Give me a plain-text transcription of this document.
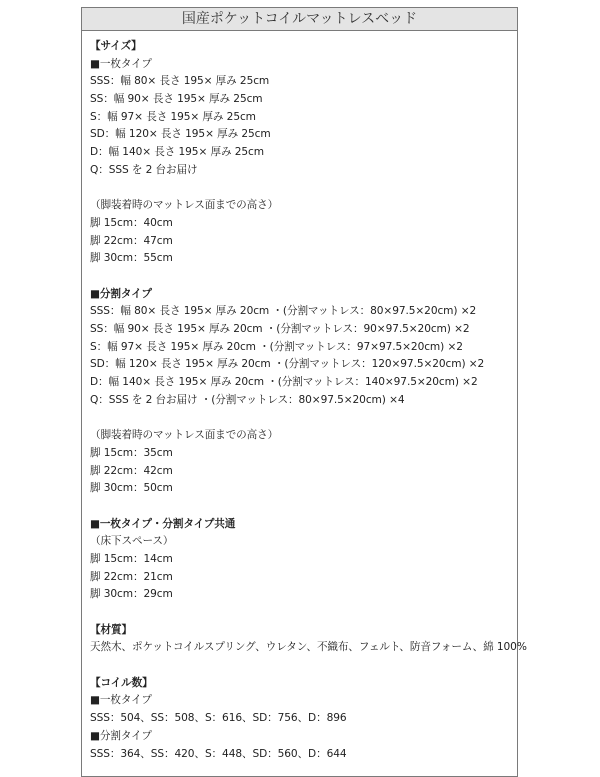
国産ポケットコイルマットレスベッド
【サイズ】
■一枚タイプ
SSS：幅 80× 長さ 195× 厚み 25cm
SS：幅 90× 長さ 195× 厚み 25cm
S：幅 97× 長さ 195× 厚み 25cm
SD：幅 120× 長さ 195× 厚み 25cm
D：幅 140× 長さ 195× 厚み 25cm
Q：SSS を 2 台お届け
（脚装着時のマットレス面までの高さ）
脚 15cm：40cm
脚 22cm：47cm
脚 30cm：55cm
■分割タイプ
SSS：幅 80× 長さ 195× 厚み 20cm ・(分割マットレス：80×97.5×20cm) ×2
SS：幅 90× 長さ 195× 厚み 20cm ・(分割マットレス：90×97.5×20cm) ×2
S：幅 97× 長さ 195× 厚み 20cm ・(分割マットレス：97×97.5×20cm) ×2
SD：幅 120× 長さ 195× 厚み 20cm ・(分割マットレス：120×97.5×20cm) ×2
D：幅 140× 長さ 195× 厚み 20cm ・(分割マットレス：140×97.5×20cm) ×2
Q：SSS を 2 台お届け ・(分割マットレス：80×97.5×20cm) ×4
（脚装着時のマットレス面までの高さ）
脚 15cm：35cm
脚 22cm：42cm
脚 30cm：50cm
■一枚タイプ・分割タイプ共通
（床下スペース）
脚 15cm：14cm
脚 22cm：21cm
脚 30cm：29cm
【材質】
天然木、ポケットコイルスプリング、ウレタン、不織布、フェルト、防音フォーム、綿 100%
【コイル数】
■一枚タイプ
SSS：504、SS：508、S：616、SD：756、D：896
■分割タイプ
SSS：364、SS：420、S：448、SD：560、D：644
